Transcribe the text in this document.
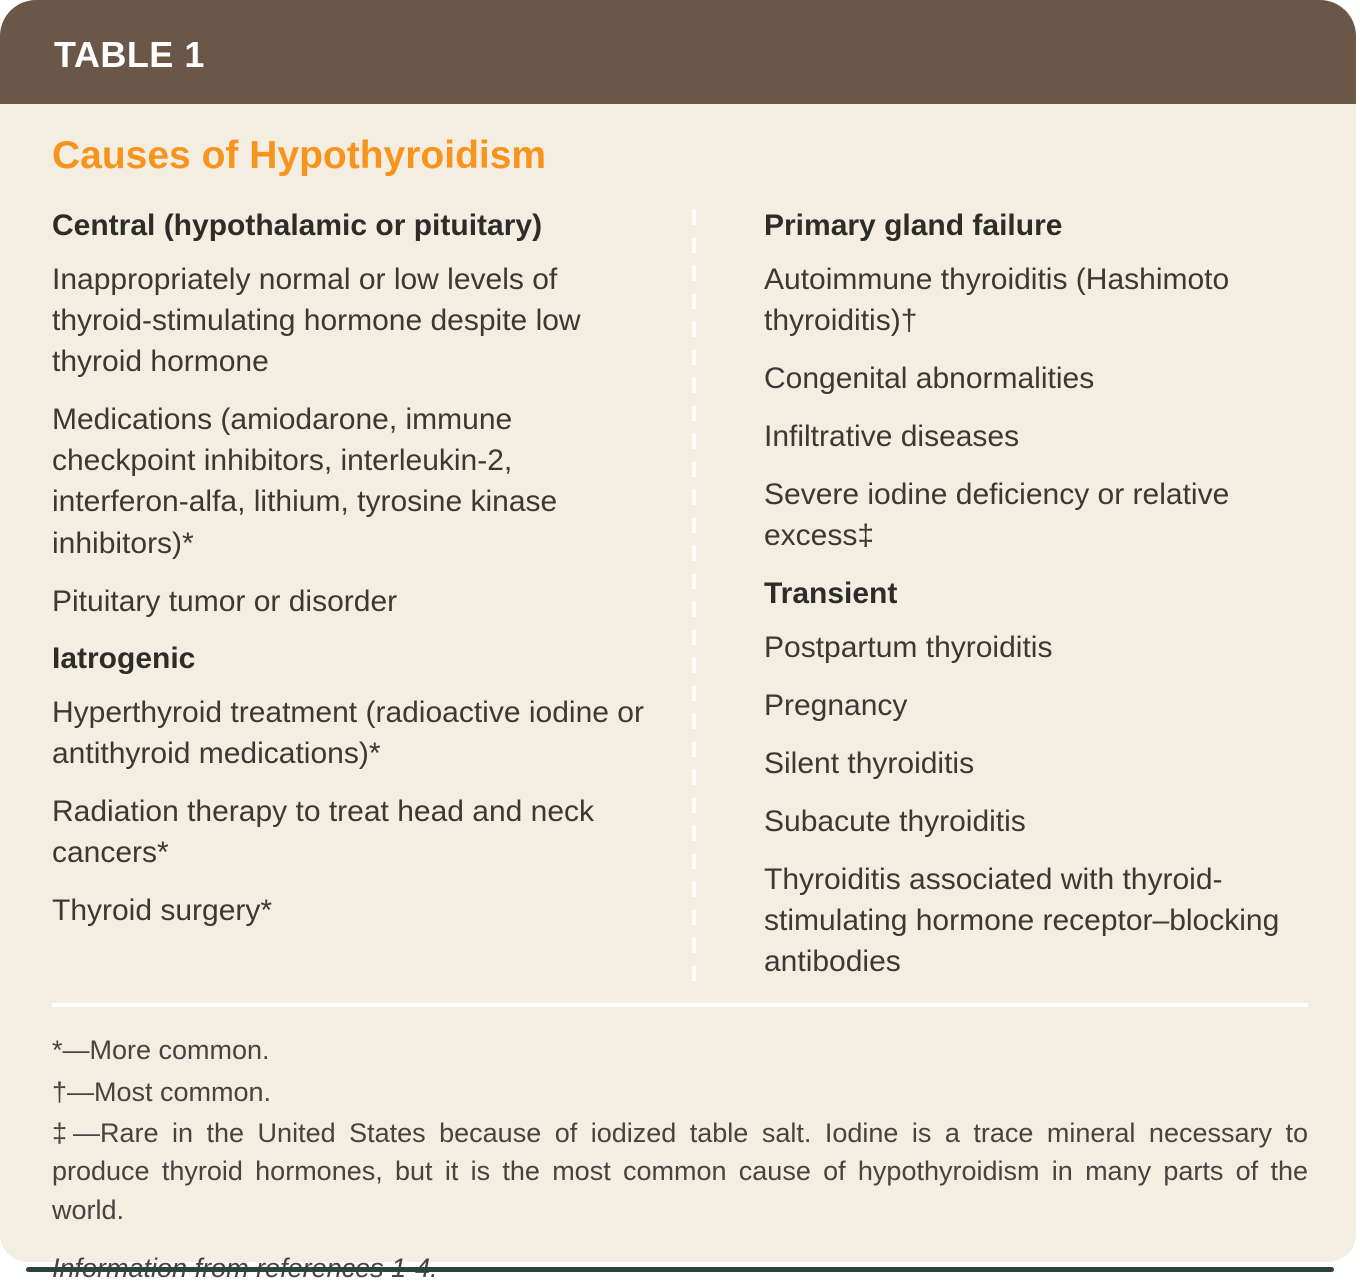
TABLE 1
Causes of Hypothyroidism
Central (hypothalamic or pituitary)
Inappropriately normal or low levels of thyroid-stimulating hormone despite low thyroid hormone
Medications (amiodarone, immune checkpoint inhibitors, interleukin-2, interferon-alfa, lithium, tyrosine kinase inhibitors)*
Pituitary tumor or disorder
Iatrogenic
Hyperthyroid treatment (radioactive iodine or antithyroid medications)*
Radiation therapy to treat head and neck cancers*
Thyroid surgery*
Primary gland failure
Autoimmune thyroiditis (Hashimoto thyroiditis)†
Congenital abnormalities
Infiltrative diseases
Severe iodine deficiency or relative excess‡
Transient
Postpartum thyroiditis
Pregnancy
Silent thyroiditis
Subacute thyroiditis
Thyroiditis associated with thyroid-stimulating hormone receptor–blocking antibodies
*—More common.
†—Most common.
‡—Rare in the United States because of iodized table salt. Iodine is a trace mineral necessary to produce thyroid hormones, but it is the most common cause of hypothyroidism in many parts of the world.
